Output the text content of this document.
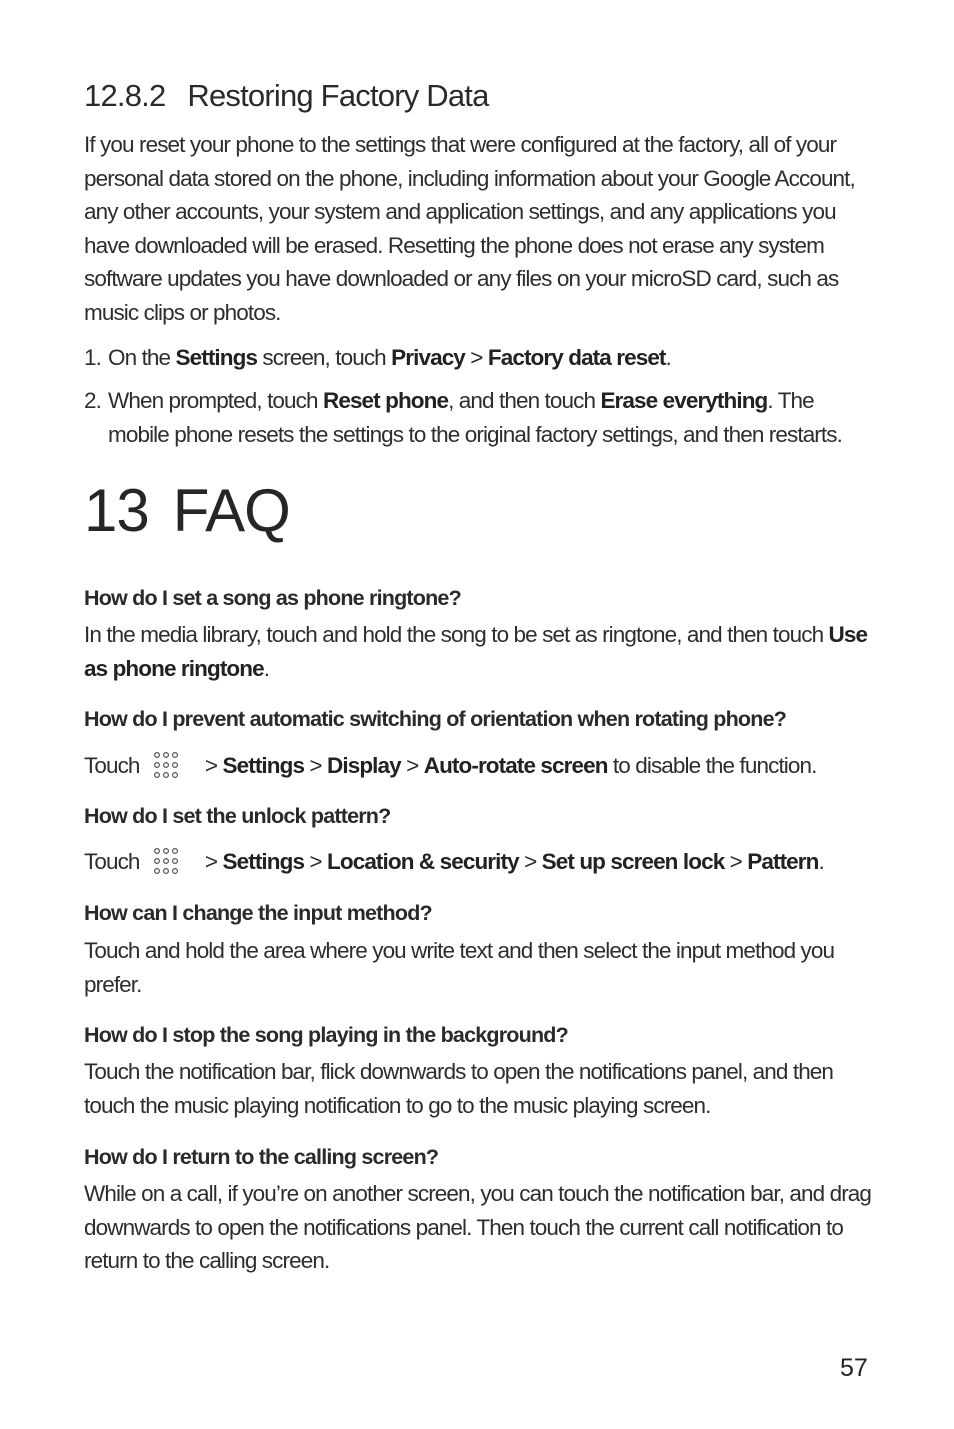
12.8.2 Restoring Factory Data
If you reset your phone to the settings that were configured at the factory, all of your personal data stored on the phone, including information about your Google Account, any other accounts, your system and application settings, and any applications you have downloaded will be erased. Resetting the phone does not erase any system software updates you have downloaded or any files on your microSD card, such as music clips or photos.
1. On the Settings screen, touch Privacy > Factory data reset.
2. When prompted, touch Reset phone, and then touch Erase everything. The mobile phone resets the settings to the original factory settings, and then restarts.
13 FAQ
How do I set a song as phone ringtone?
In the media library, touch and hold the song to be set as ringtone, and then touch Use as phone ringtone.
How do I prevent automatic switching of orientation when rotating phone?
Touch	> Settings > Display > Auto-rotate screen to disable the function.
How do I set the unlock pattern?
Touch	> Settings > Location & security > Set up screen lock > Pattern.
How can I change the input method?
Touch and hold the area where you write text and then select the input method you prefer.
How do I stop the song playing in the background?
Touch the notification bar, flick downwards to open the notifications panel, and then touch the music playing notification to go to the music playing screen.
How do I return to the calling screen?
While on a call, if you’re on another screen, you can touch the notification bar, and drag downwards to open the notifications panel. Then touch the current call notification to return to the calling screen.
57
